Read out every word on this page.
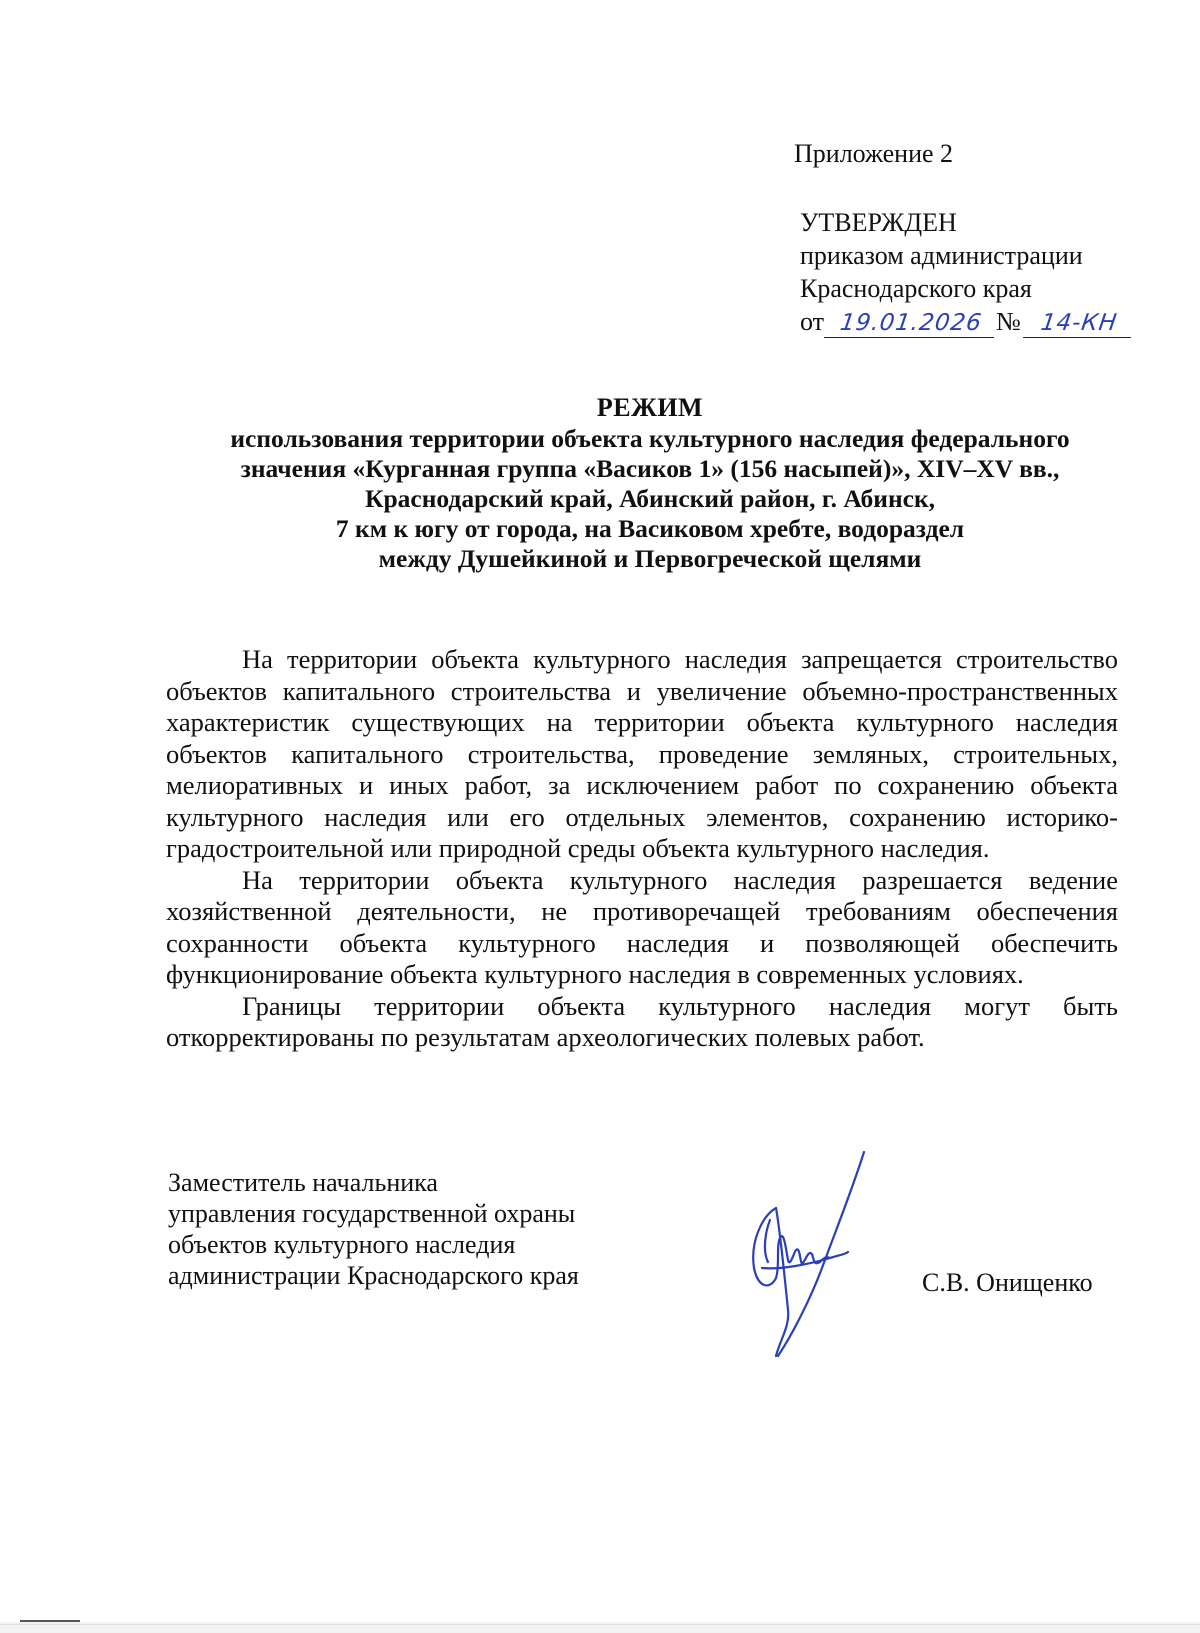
Приложение 2
УТВЕРЖДЕН
приказом администрации
Краснодарского края
от 19.01.2026 № 14-КН
РЕЖИМ
использования территории объекта культурного наследия федерального
значения «Курганная группа «Васиков 1» (156 насыпей)», XIV–XV вв.,
Краснодарский край, Абинский район, г. Абинск,
7 км к югу от города, на Васиковом хребте, водораздел
между Душейкиной и Первогреческой щелями

На территории объекта культурного наследия запрещается строительство объектов капитального строительства и увеличение объемно-пространственных характеристик существующих на территории объекта культурного наследия объектов капитального строительства, проведение земляных, строительных, мелиоративных и иных работ, за исключением работ по сохранению объекта культурного наследия или его отдельных элементов, сохранению историко-градостроительной или природной среды объекта культурного наследия.

На территории объекта культурного наследия разрешается ведение хозяйственной деятельности, не противоречащей требованиям обеспечения сохранности объекта культурного наследия и позволяющей обеспечить функционирование объекта культурного наследия в современных условиях.

Границы территории объекта культурного наследия могут быть откорректированы по результатам археологических полевых работ.

Заместитель начальника
управления государственной охраны
объектов культурного наследия
администрации Краснодарского края	С.В. Онищенко
